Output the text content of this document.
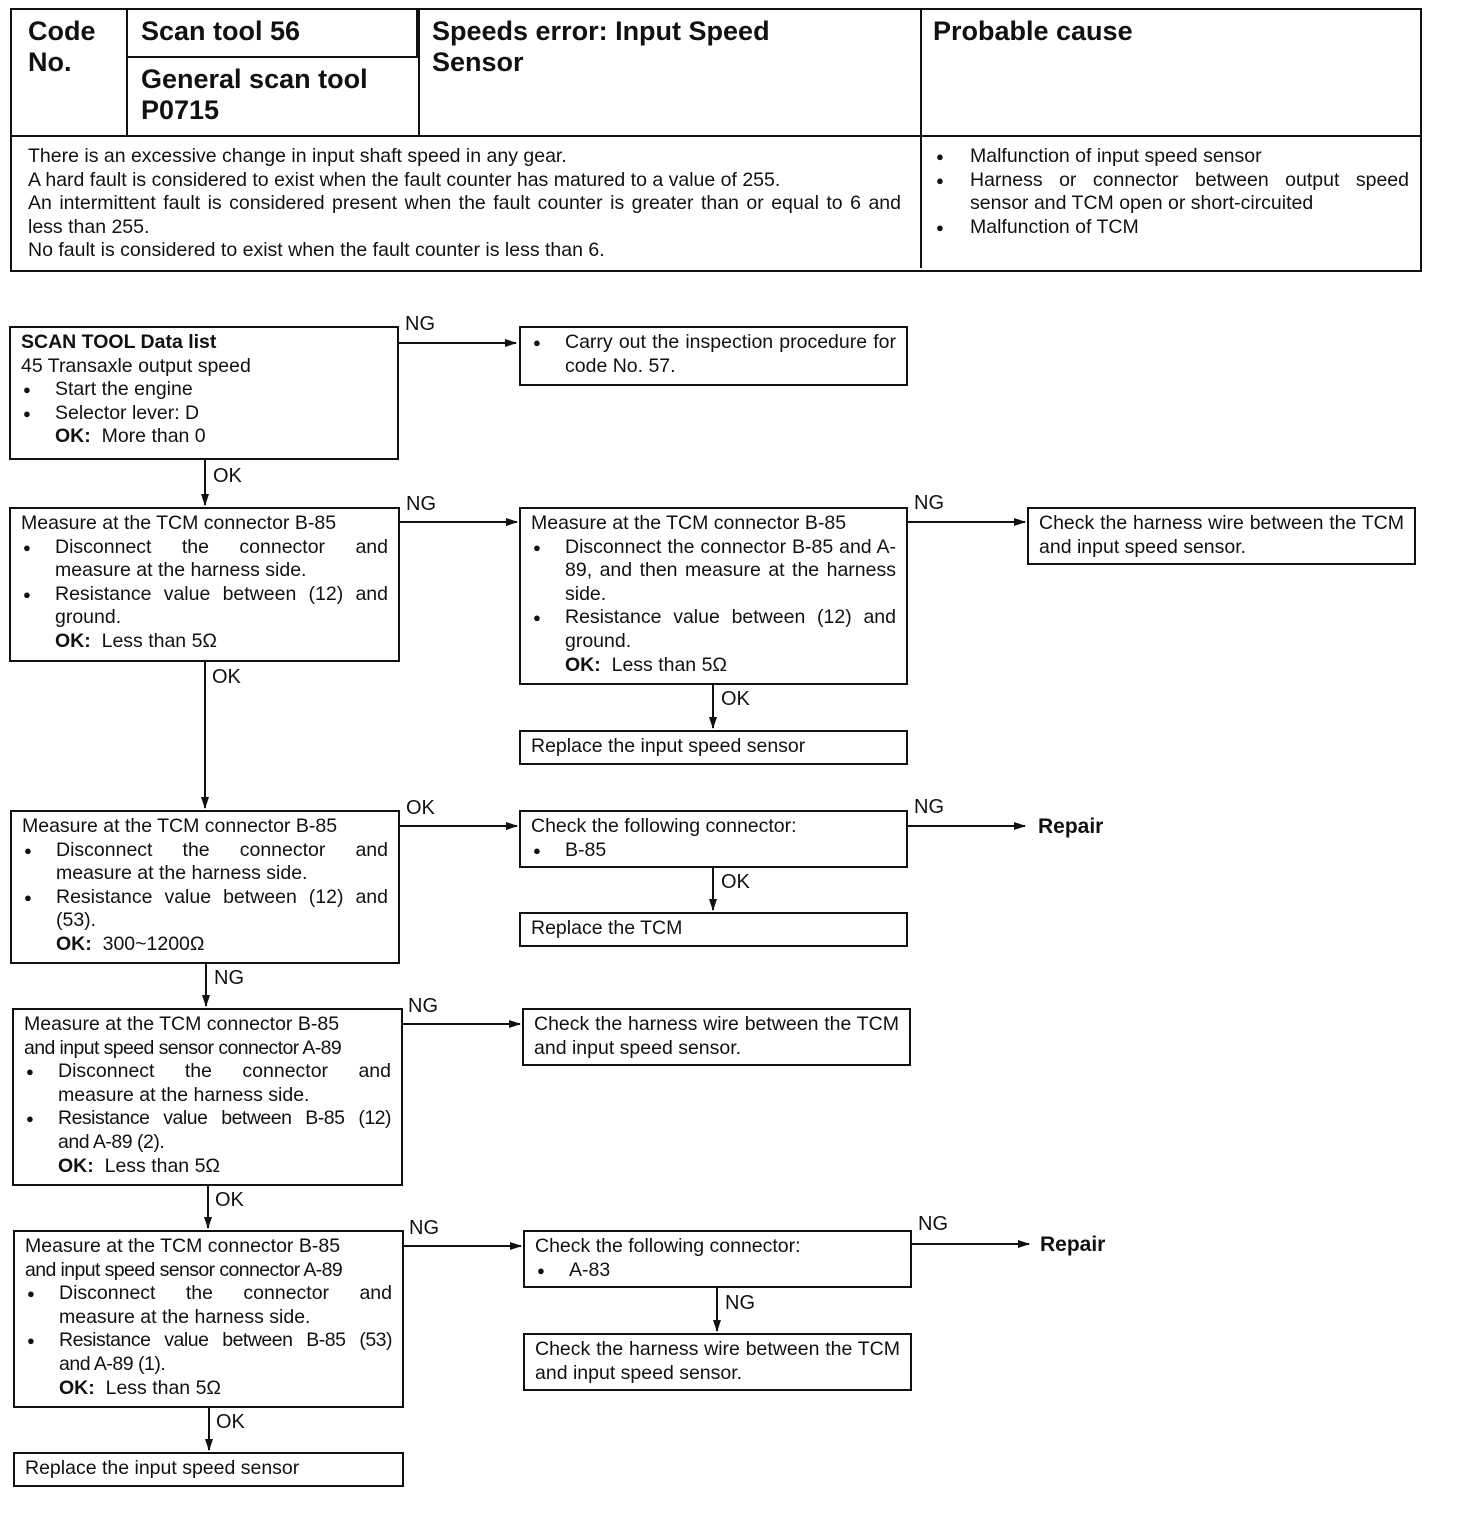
Code No.
Scan tool 56
General scan tool P0715
Speeds error: Input Speed Sensor
Probable cause
There is an excessive change in input shaft speed in any gear.
A hard fault is considered to exist when the fault counter has matured to a value of 255.
An intermittent fault is considered present when the fault counter is greater than or equal to 6 and less than 255.
No fault is considered to exist when the fault counter is less than 6.
● Malfunction of input speed sensor
● Harness or connector between output speed sensor and TCM open or short-circuited
● Malfunction of TCM
SCAN TOOL Data list
45 Transaxle output speed
● Start the engine
● Selector lever: D
OK: More than 0
● Carry out the inspection procedure for code No. 57.
Measure at the TCM connector B-85
● Disconnect the connector and measure at the harness side.
● Resistance value between (12) and ground.
OK: Less than 5Ω
Measure at the TCM connector B-85
● Disconnect the connector B-85 and A-89, and then measure at the harness side.
● Resistance value between (12) and ground.
OK: Less than 5Ω
Check the harness wire between the TCM and input speed sensor.
Replace the input speed sensor
Measure at the TCM connector B-85
● Disconnect the connector and measure at the harness side.
● Resistance value between (12) and (53).
OK: 300~1200Ω
Check the following connector:
● B-85
Replace the TCM
Measure at the TCM connector B-85
and input speed sensor connector A-89
● Disconnect the connector and measure at the harness side.
● Resistance value between B-85 (12) and A-89 (2).
OK: Less than 5Ω
Check the harness wire between the TCM and input speed sensor.
Measure at the TCM connector B-85
and input speed sensor connector A-89
● Disconnect the connector and measure at the harness side.
● Resistance value between B-85 (53) and A-89 (1).
OK: Less than 5Ω
Check the following connector:
● A-83
Check the harness wire between the TCM and input speed sensor.
Replace the input speed sensor
NG
OK
NG	NG
OK
OK
OK	NG
Repair
OK
NG
NG
OK
NG	NG
Repair
NG
OK
